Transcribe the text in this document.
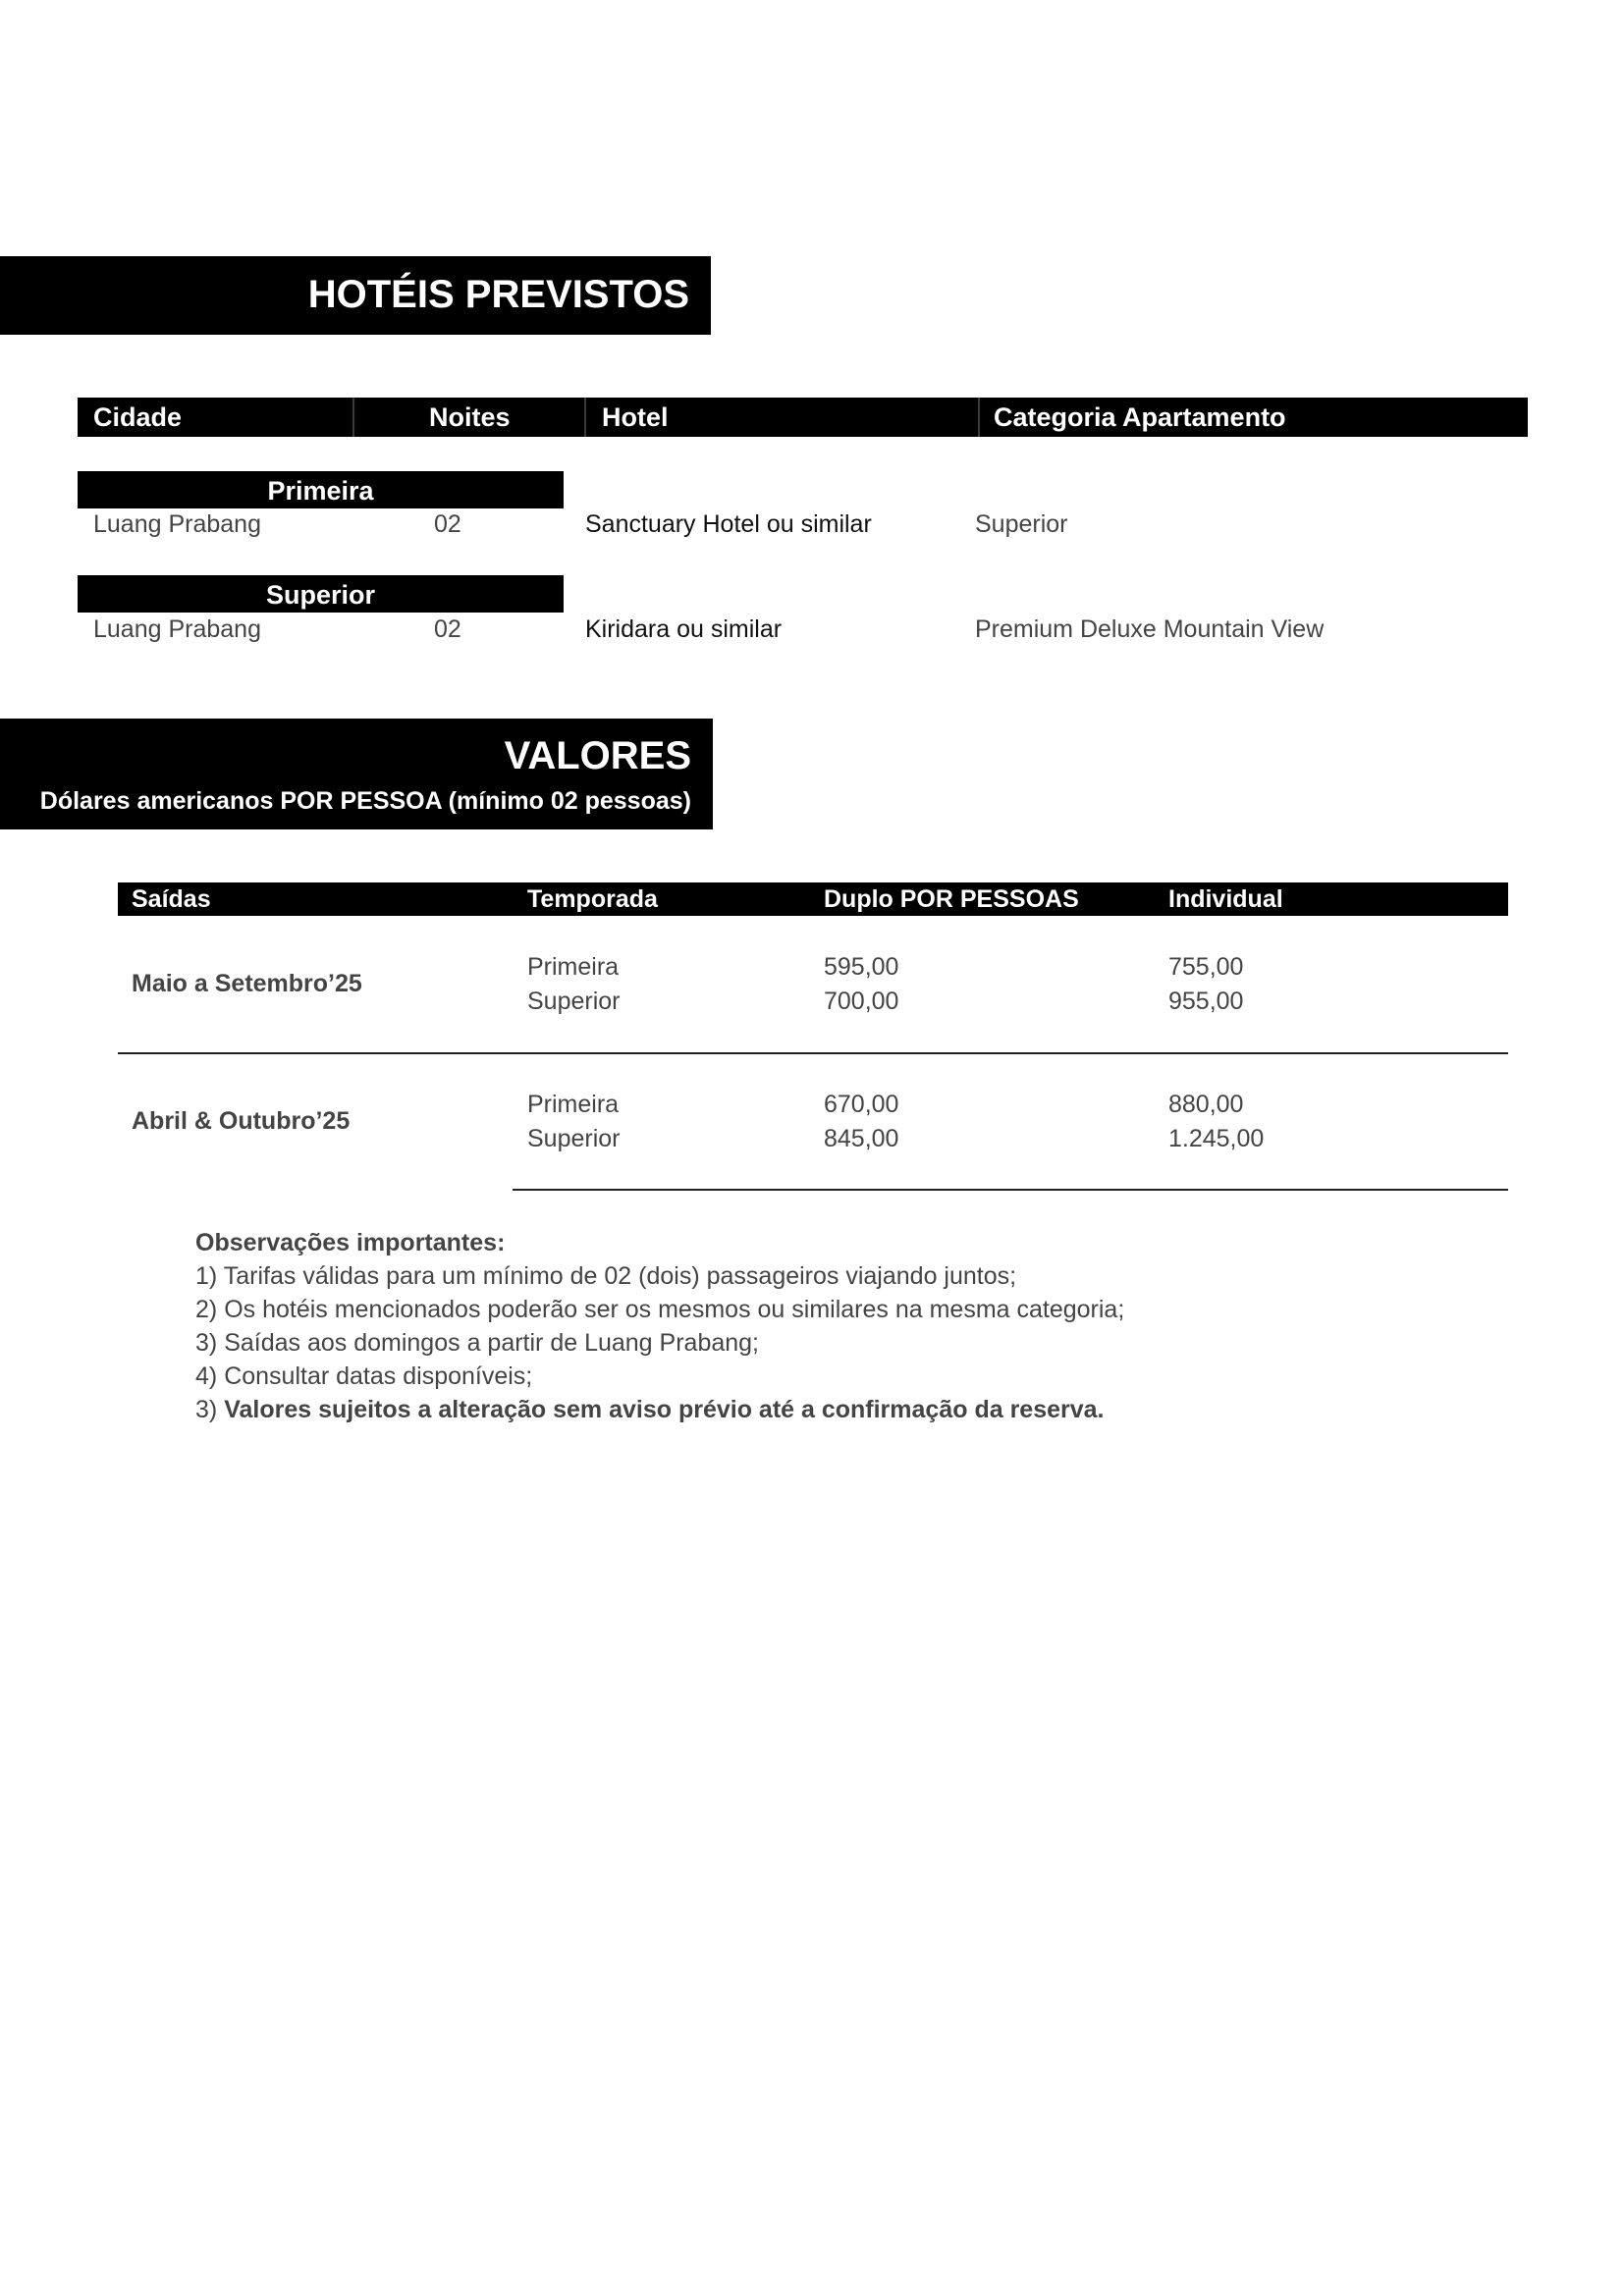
HOTÉIS PREVISTOS
Cidade	Noites	Hotel	Categoria Apartamento
Primeira
Luang Prabang	02	Sanctuary Hotel ou similar	Superior
Superior
Luang Prabang	02	Kiridara ou similar	Premium Deluxe Mountain View
VALORES
Dólares americanos POR PESSOA (mínimo 02 pessoas)
Saídas	Temporada	Duplo POR PESSOAS	Individual
Maio a Setembro’25
Primeira	595,00	755,00
Superior	700,00	955,00
Abril & Outubro’25
Primeira	670,00	880,00
Superior	845,00	1.245,00
Observações importantes:
1) Tarifas válidas para um mínimo de 02 (dois) passageiros viajando juntos;
2) Os hotéis mencionados poderão ser os mesmos ou similares na mesma categoria;
3) Saídas aos domingos a partir de Luang Prabang;
4) Consultar datas disponíveis;
3) Valores sujeitos a alteração sem aviso prévio até a confirmação da reserva.
